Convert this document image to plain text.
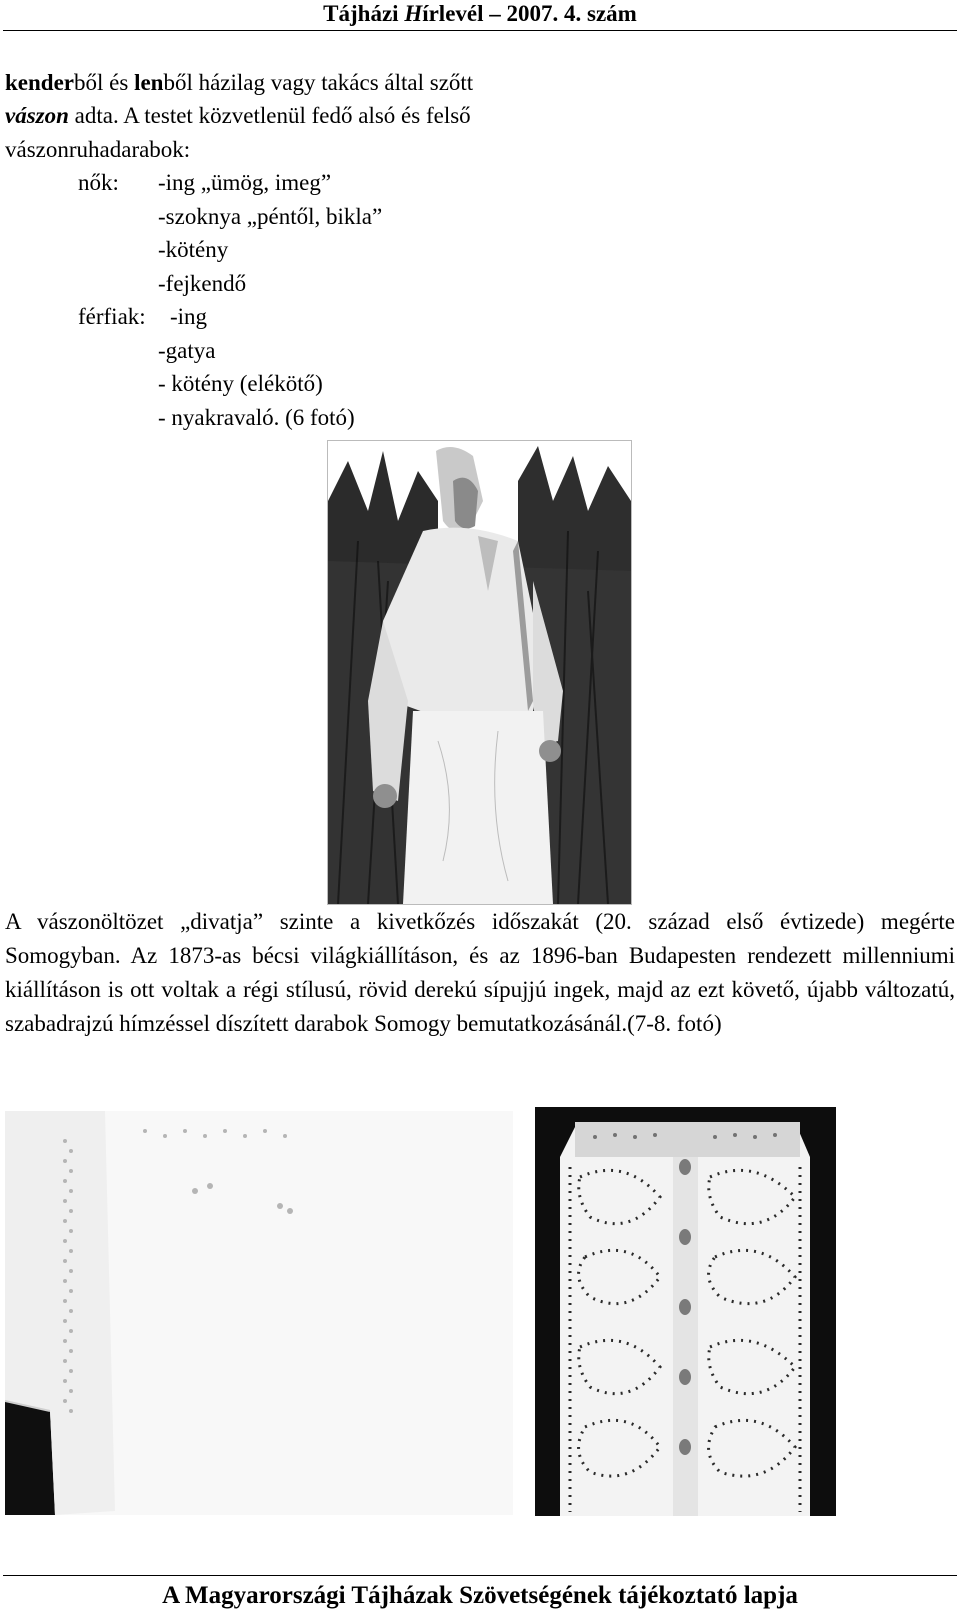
Tájházi Hírlevél – 2007. 4. szám
kenderből és lenből házilag vagy takács által szőtt
vászon adta. A testet közvetlenül fedő alsó és felső
vászonruhadarabok:
nők: -ing „ümög, imeg”
-szoknya „péntől, bikla”
-kötény
-fejkendő
férfiak: -ing
-gatya
- kötény (elékötő)
- nyakravaló. (6 fotó)
A vászonöltözet „divatja” szinte a kivetkőzés időszakát (20. század első évtizede) megérte Somogyban. Az 1873-as bécsi világkiállításon, és az 1896-ban Budapesten rendezett millenniumi kiállításon is ott voltak a régi stílusú, rövid derekú sípujjú ingek, majd az ezt követő, újabb változatú, szabadrajzú hímzéssel díszített darabok Somogy bemutatkozásánál.(7-8. fotó)
A Magyarországi Tájházak Szövetségének tájékoztató lapja
